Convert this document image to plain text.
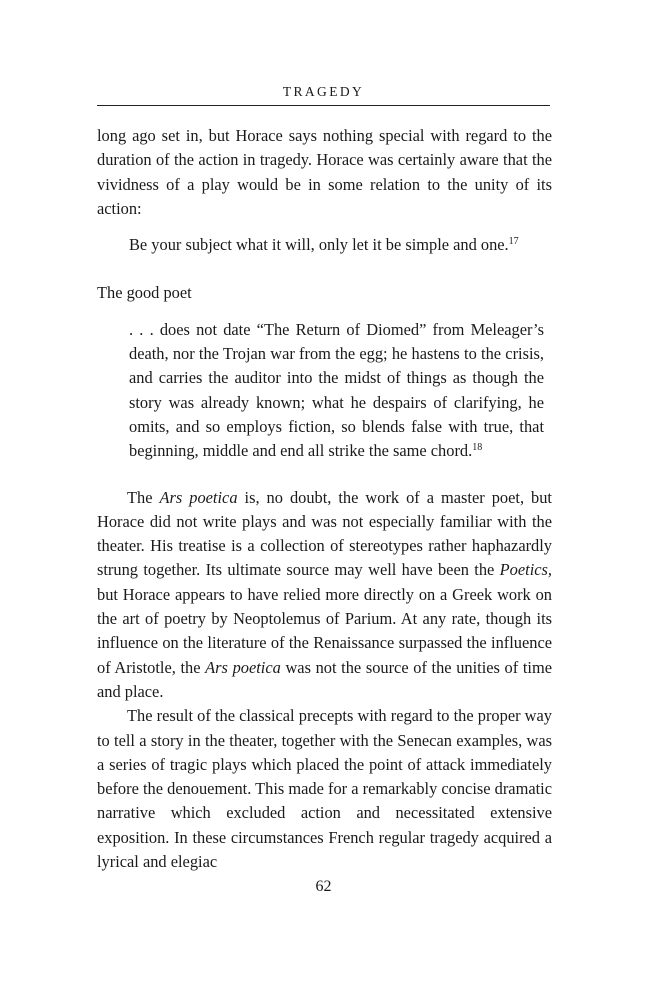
TRAGEDY

long ago set in, but Horace says nothing special with regard to the duration of the action in tragedy. Horace was certainly aware that the vividness of a play would be in some relation to the unity of its action:

Be your subject what it will, only let it be simple and one.$^{17}$

The good poet

. . . does not date “The Return of Diomed” from Meleager’s death, nor the Trojan war from the egg; he hastens to the crisis, and carries the auditor into the midst of things as though the story was already known; what he despairs of clarifying, he omits, and so employs fiction, so blends false with true, that beginning, middle and end all strike the same chord.$^{18}$

The Ars poetica is, no doubt, the work of a master poet, but Horace did not write plays and was not especially familiar with the theater. His treatise is a collection of stereotypes rather haphazardly strung together. Its ultimate source may well have been the Poetics, but Horace appears to have relied more directly on a Greek work on the art of poetry by Neoptolemus of Parium. At any rate, though its influence on the literature of the Renaissance surpassed the influence of Aristotle, the Ars poetica was not the source of the unities of time and place.

The result of the classical precepts with regard to the proper way to tell a story in the theater, together with the Senecan examples, was a series of tragic plays which placed the point of attack immediately before the denouement. This made for a remarkably concise dramatic narrative which excluded action and necessitated extensive exposition. In these circumstances French regular tragedy acquired a lyrical and elegiac

62
